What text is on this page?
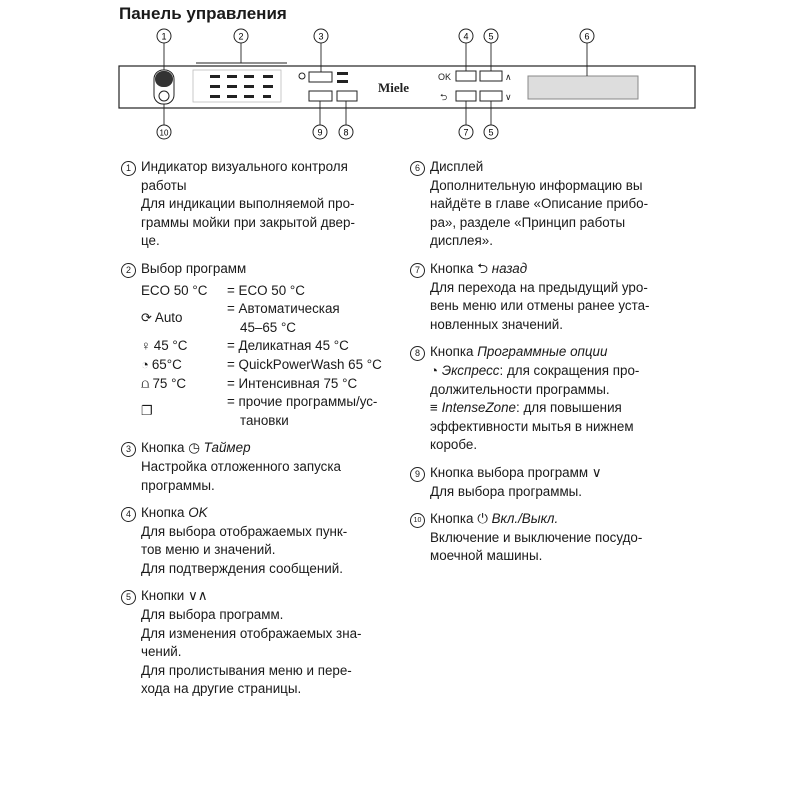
Панель управления
Miele
OK	∧
∨
⮌
1	2	3	4 5	6
10	9 8	7 5
1 Индикатор визуального контроля
работы
Для индикации выполняемой про-
граммы мойки при закрытой двер-
це.
2 Выбор программ
ECO 50 °C = ECO 50 °C
⟳ Auto
= Автоматическая
45–65 °C
♀ 45 °C	= Деликатная 45 °C
◔ 65°C	= QuickPowerWash 65 °C
⩍ 75 °C	= Интенсивная 75 °C
❐
= прочие программы/ус-
тановки
3 Кнопка ◷ Таймер
Настройка отложенного запуска
программы.
4 Кнопка OK
Для выбора отображаемых пунк-
тов меню и значений.
Для подтверждения сообщений.
5 Кнопки ∨∧
Для выбора программ.
Для изменения отображаемых зна-
чений.
Для пролистывания меню и пере-
хода на другие страницы.
6 Дисплей
Дополнительную информацию вы
найдёте в главе «Описание прибо-
ра», разделе «Принцип работы
дисплея».
7 Кнопка ⮌ назад
Для перехода на предыдущий уро-
вень меню или отмены ранее уста-
новленных значений.
8 Кнопка Программные опции
◔ Экспресс: для сокращения про-
должительности программы.
≡ IntenseZone: для повышения
эффективности мытья в нижнем
коробе.
9 Кнопка выбора программ ∨
Для выбора программы.
10 Кнопка ⏻ Вкл./Выкл.
Включение и выключение посудо-
моечной машины.
